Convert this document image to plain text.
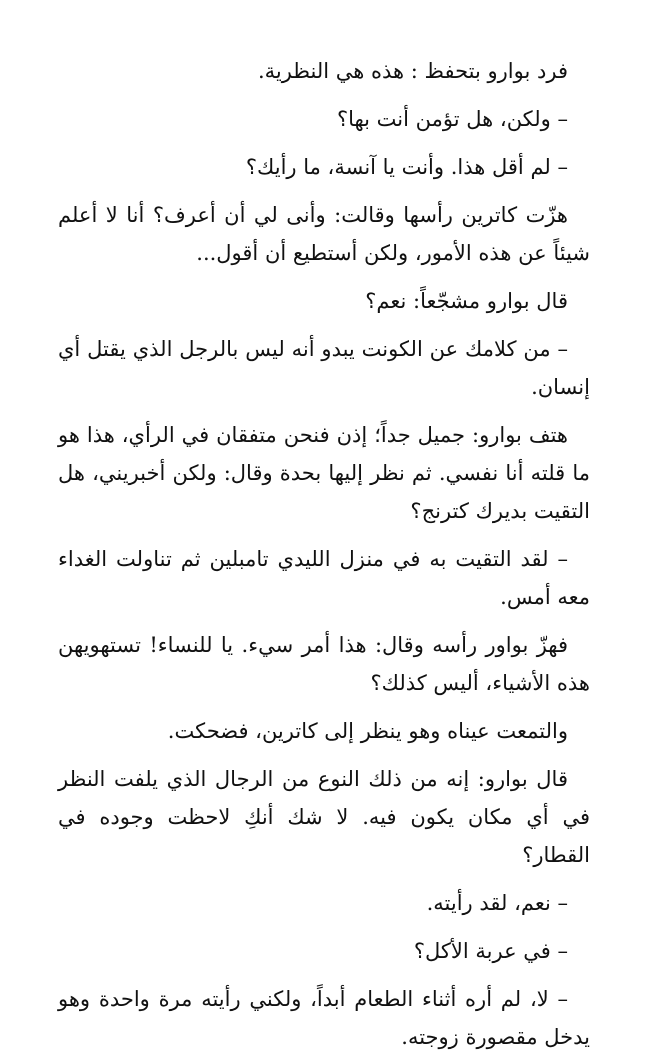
فرد بوارو بتحفظ : هذه هي النظرية.

– ولكن، هل تؤمن أنت بها؟

– لم أقل هذا. وأنت يا آنسة، ما رأيك؟

هزّت كاترين رأسها وقالت: وأنى لي أن أعرف؟ أنا لا أعلم شيئاً عن هذه الأمور، ولكن أستطيع أن أقول...

قال بوارو مشجّعاً: نعم؟

– من كلامك عن الكونت يبدو أنه ليس بالرجل الذي يقتل أي إنسان.

هتف بوارو: جميل جداً؛ إذن فنحن متفقان في الرأي، هذا هو ما قلته أنا نفسي. ثم نظر إليها بحدة وقال: ولكن أخبريني، هل التقيت بديرك كترنج؟

– لقد التقيت به في منزل الليدي تامبلين ثم تناولت الغداء معه أمس.

فهزّ بواور رأسه وقال: هذا أمر سيء. يا للنساء! تستهويهن هذه الأشياء، أليس كذلك؟

والتمعت عيناه وهو ينظر إلى كاترين، فضحكت.

قال بوارو: إنه من ذلك النوع من الرجال الذي يلفت النظر في أي مكان يكون فيه. لا شك أنكِ لاحظت وجوده في القطار؟

– نعم، لقد رأيته.

– في عربة الأكل؟

– لا، لم أره أثناء الطعام أبداً، ولكني رأيته مرة واحدة وهو يدخل مقصورة زوجته.
